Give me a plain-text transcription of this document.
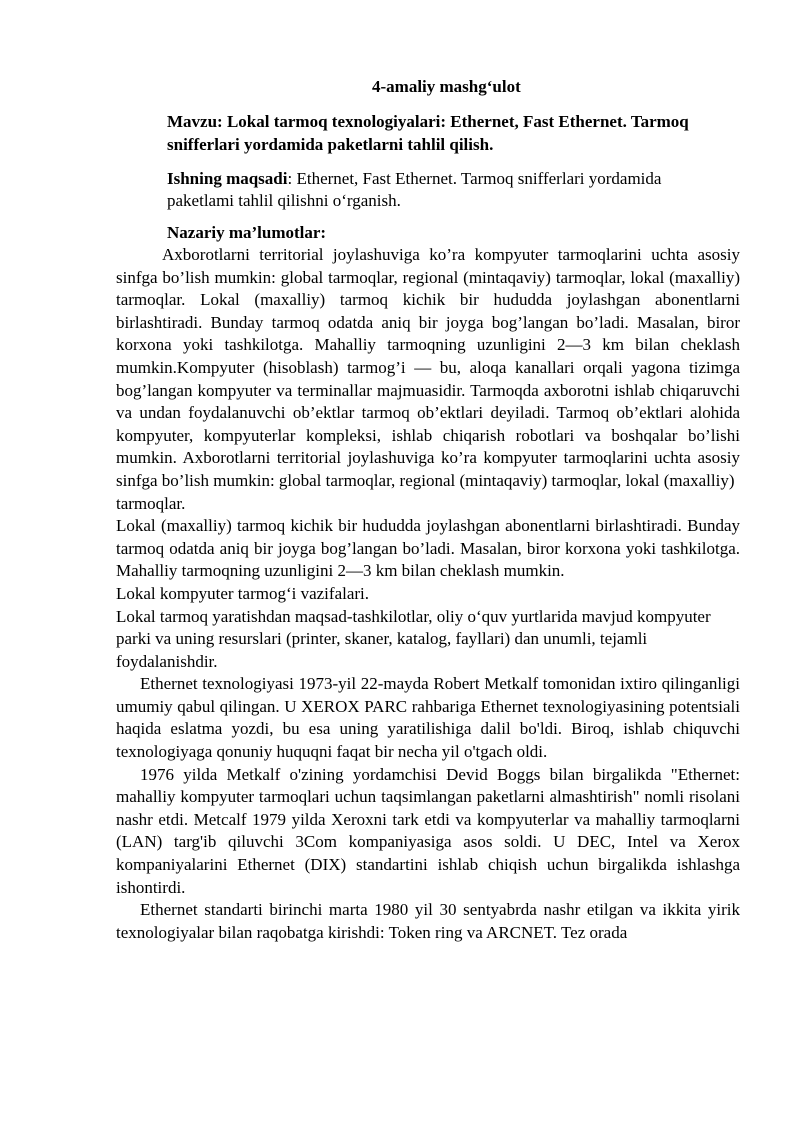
4-amaliy mashg‘ulot
Mavzu: Lokal tarmoq texnologiyalari: Ethernet, Fast Ethernet. Tarmoq snifferlari yordamida paketlarni tahlil qilish.
Ishning maqsadi: Ethernet, Fast Ethernet. Tarmoq snifferlari yordamida paketlami tahlil qilishni o‘rganish.
Nazariy ma’lumotlar:

Axborotlarni territorial joylashuviga ko’ra kompyuter tarmoqlarini uchta asosiy sinfga bo’lish mumkin: global tarmoqlar, regional (mintaqaviy) tarmoqlar, lokal (maxalliy) tarmoqlar. Lokal (maxalliy) tarmoq kichik bir hududda joylashgan abonentlarni birlashtiradi. Bunday tarmoq odatda aniq bir joyga bog’langan bo’ladi. Masalan, biror korxona yoki tashkilotga. Mahalliy tarmoqning uzunligini 2—3 km bilan cheklash mumkin.Kompyuter (hisoblash) tarmog’i — bu, aloqa kanallari orqali yagona tizimga bog’langan kompyuter va terminallar majmuasidir. Tarmoqda axborotni ishlab chiqaruvchi va undan foydalanuvchi ob’ektlar tarmoq ob’ektlari deyiladi. Tarmoq ob’ektlari alohida kompyuter, kompyuterlar kompleksi, ishlab chiqarish robotlari va boshqalar bo’lishi mumkin. Axborotlarni territorial joylashuviga ko’ra kompyuter tarmoqlarini uchta asosiy sinfga bo’lish mumkin: global tarmoqlar, regional (mintaqaviy) tarmoqlar, lokal (maxalliy)

tarmoqlar.

Lokal (maxalliy) tarmoq kichik bir hududda joylashgan abonentlarni birlashtiradi. Bunday tarmoq odatda aniq bir joyga bog’langan bo’ladi. Masalan, biror korxona yoki tashkilotga. Mahalliy tarmoqning uzunligini 2—3 km bilan cheklash mumkin.

Lokal kompyuter tarmog‘i vazifalari.

Lokal tarmoq yaratishdan maqsad-tashkilotlar, oliy o‘quv yurtlarida mavjud kompyuter parki va uning resurslari (printer, skaner, katalog, fayllari) dan unumli, tejamli foydalanishdir.

Ethernet texnologiyasi 1973-yil 22-mayda Robert Metkalf tomonidan ixtiro qilinganligi umumiy qabul qilingan. U XEROX PARC rahbariga Ethernet texnologiyasining potentsiali haqida eslatma yozdi, bu esa uning yaratilishiga dalil bo'ldi. Biroq, ishlab chiquvchi texnologiyaga qonuniy huquqni faqat bir necha yil o'tgach oldi.

1976 yilda Metkalf o'zining yordamchisi Devid Boggs bilan birgalikda "Ethernet: mahalliy kompyuter tarmoqlari uchun taqsimlangan paketlarni almashtirish" nomli risolani nashr etdi. Metcalf 1979 yilda Xeroxni tark etdi va kompyuterlar va mahalliy tarmoqlarni (LAN) targ'ib qiluvchi 3Com kompaniyasiga asos soldi. U DEC, Intel va Xerox kompaniyalarini Ethernet (DIX) standartini ishlab chiqish uchun birgalikda ishlashga ishontirdi.

Ethernet standarti birinchi marta 1980 yil 30 sentyabrda nashr etilgan va ikkita yirik texnologiyalar bilan raqobatga kirishdi: Token ring va ARCNET. Tez orada
